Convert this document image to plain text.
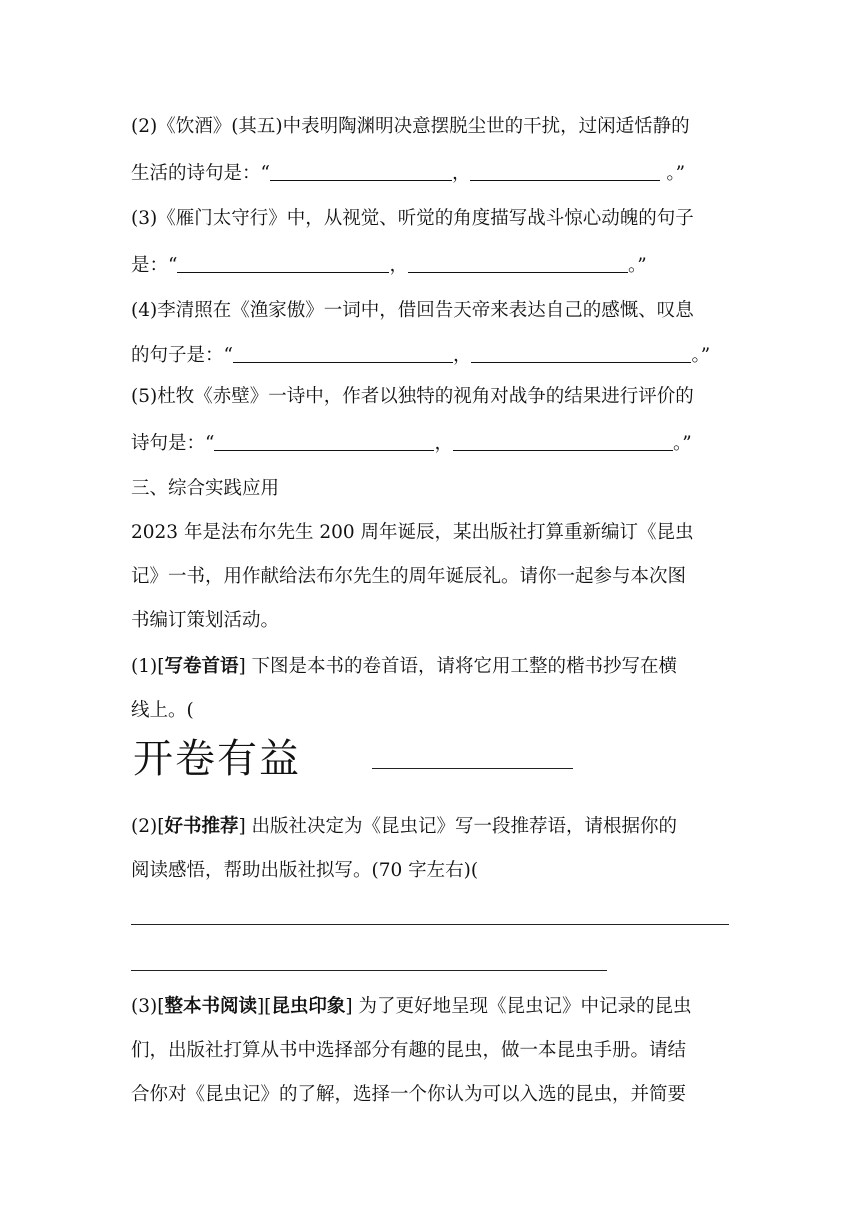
(2)《饮酒》(其五)中表明陶渊明决意摆脱尘世的干扰，过闲适恬静的
生活的诗句是：“	，	。”
(3)《雁门太守行》中，从视觉、听觉的角度描写战斗惊心动魄的句子
是：“	，	。”
(4)李清照在《渔家傲》一词中，借回告天帝来表达自己的感慨、叹息
的句子是：“	，	。”
(5)杜牧《赤壁》一诗中，作者以独特的视角对战争的结果进行评价的
诗句是：“	，	。”
三、综合实践应用
2023 年是法布尔先生 200 周年诞辰，某出版社打算重新编订《昆虫
记》一书，用作献给法布尔先生的周年诞辰礼。请你一起参与本次图
书编订策划活动。
(1)[写卷首语] 下图是本书的卷首语，请将它用工整的楷书抄写在横
线上。(
开卷有益
(2)[好书推荐] 出版社决定为《昆虫记》写一段推荐语，请根据你的
阅读感悟，帮助出版社拟写。(70 字左右)(
(3)[整本书阅读][昆虫印象] 为了更好地呈现《昆虫记》中记录的昆虫
们，出版社打算从书中选择部分有趣的昆虫，做一本昆虫手册。请结
合你对《昆虫记》的了解，选择一个你认为可以入选的昆虫，并简要
